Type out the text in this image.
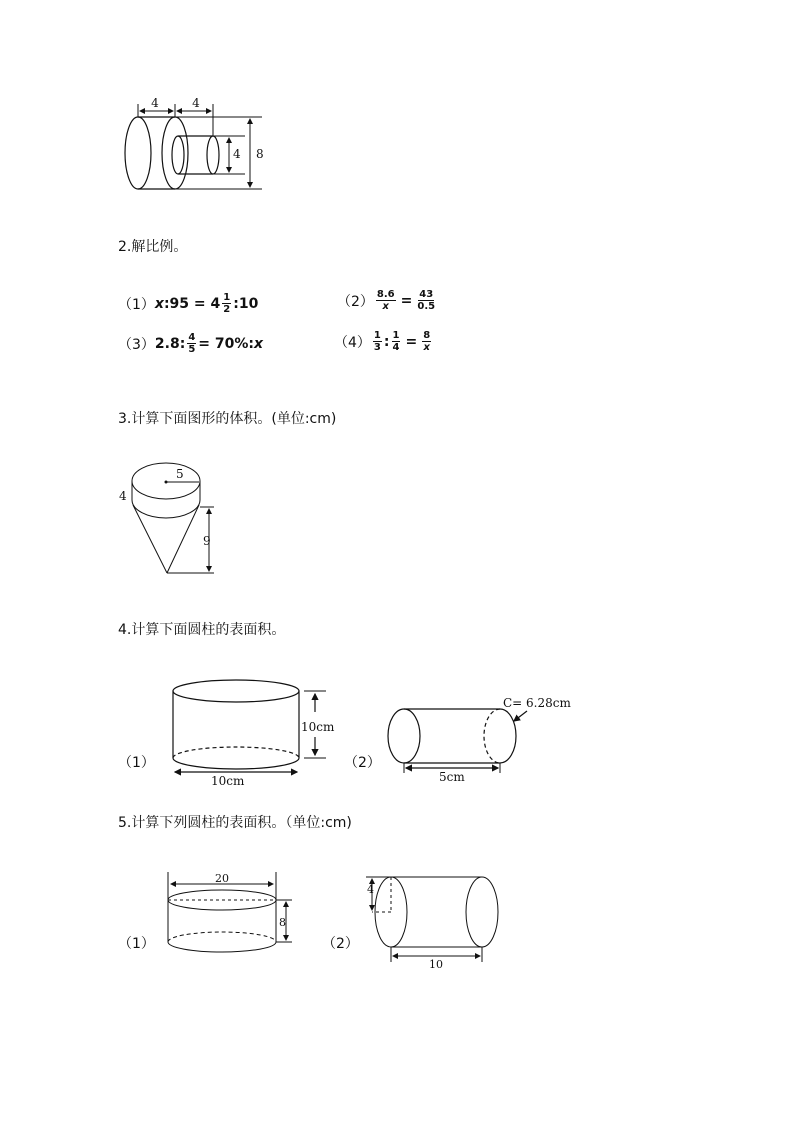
4	4
4 8
2.解比例。
（1） x :95 = $4 \frac{1}{2}$ :10	$(2) \frac{8.6}{x} = \frac{43}{0.5}$
（3） 2.8: $\frac{4}{5} = 70\%$: x	$(4) \frac{1}{3}$ : $\frac{1}{4} = \frac{8}{x}$
3.计算下面图形的体积。(单位:cm)
5
4
9
4.计算下面圆柱的表面积。
10cm
10cm
C= 6.28cm
5cm
（1）	（2）
5.计算下列圆柱的表面积。（单位:cm)
20
8
4
10
（1）	（2）
